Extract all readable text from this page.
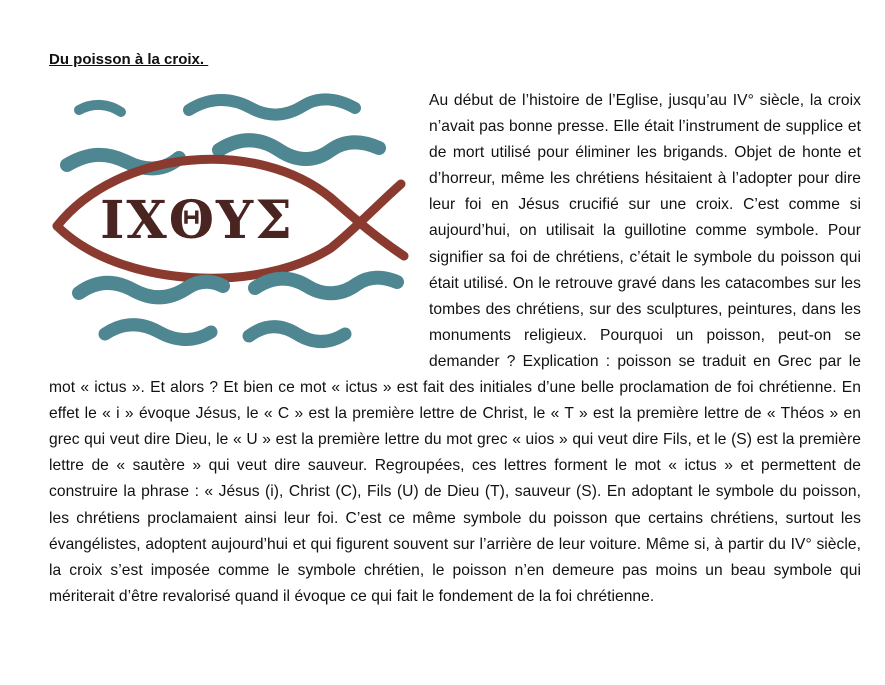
Du poisson à la croix.

IXΘYΣ

Au début de l’histoire de l’Eglise, jusqu’au IV° siècle, la croix n’avait pas bonne presse. Elle était l’instrument de supplice et de mort utilisé pour éliminer les brigands. Objet de honte et d’horreur, même les chrétiens hésitaient à l’adopter pour dire leur foi en Jésus crucifié sur une croix. C’est comme si aujourd’hui, on utilisait la guillotine comme symbole. Pour signifier sa foi de chrétiens, c’était le symbole du poisson qui était utilisé. On le retrouve gravé dans les catacombes sur les tombes des chrétiens, sur des sculptures, peintures, dans les monuments religieux. Pourquoi un poisson, peut-on se demander ? Explication : poisson se traduit en Grec par le mot « ictus ». Et alors ? Et bien ce mot « ictus » est fait des initiales d’une belle proclamation de foi chrétienne. En effet le « i » évoque Jésus, le « C » est la première lettre de Christ, le « T » est la première lettre de « Théos » en grec qui veut dire Dieu, le « U » est la première lettre du mot grec « uios » qui veut dire Fils, et le (S) est la première lettre de « sautère » qui veut dire sauveur. Regroupées, ces lettres forment le mot « ictus » et permettent de construire la phrase : « Jésus (i), Christ (C), Fils (U) de Dieu (T), sauveur (S). En adoptant le symbole du poisson, les chrétiens proclamaient ainsi leur foi. C’est ce même symbole du poisson que certains chrétiens, surtout les évangélistes, adoptent aujourd’hui et qui figurent souvent sur l’arrière de leur voiture. Même si, à partir du IV° siècle, la croix s’est imposée comme le symbole chrétien, le poisson n’en demeure pas moins un beau symbole qui mériterait d’être revalorisé quand il évoque ce qui fait le fondement de la foi chrétienne.
